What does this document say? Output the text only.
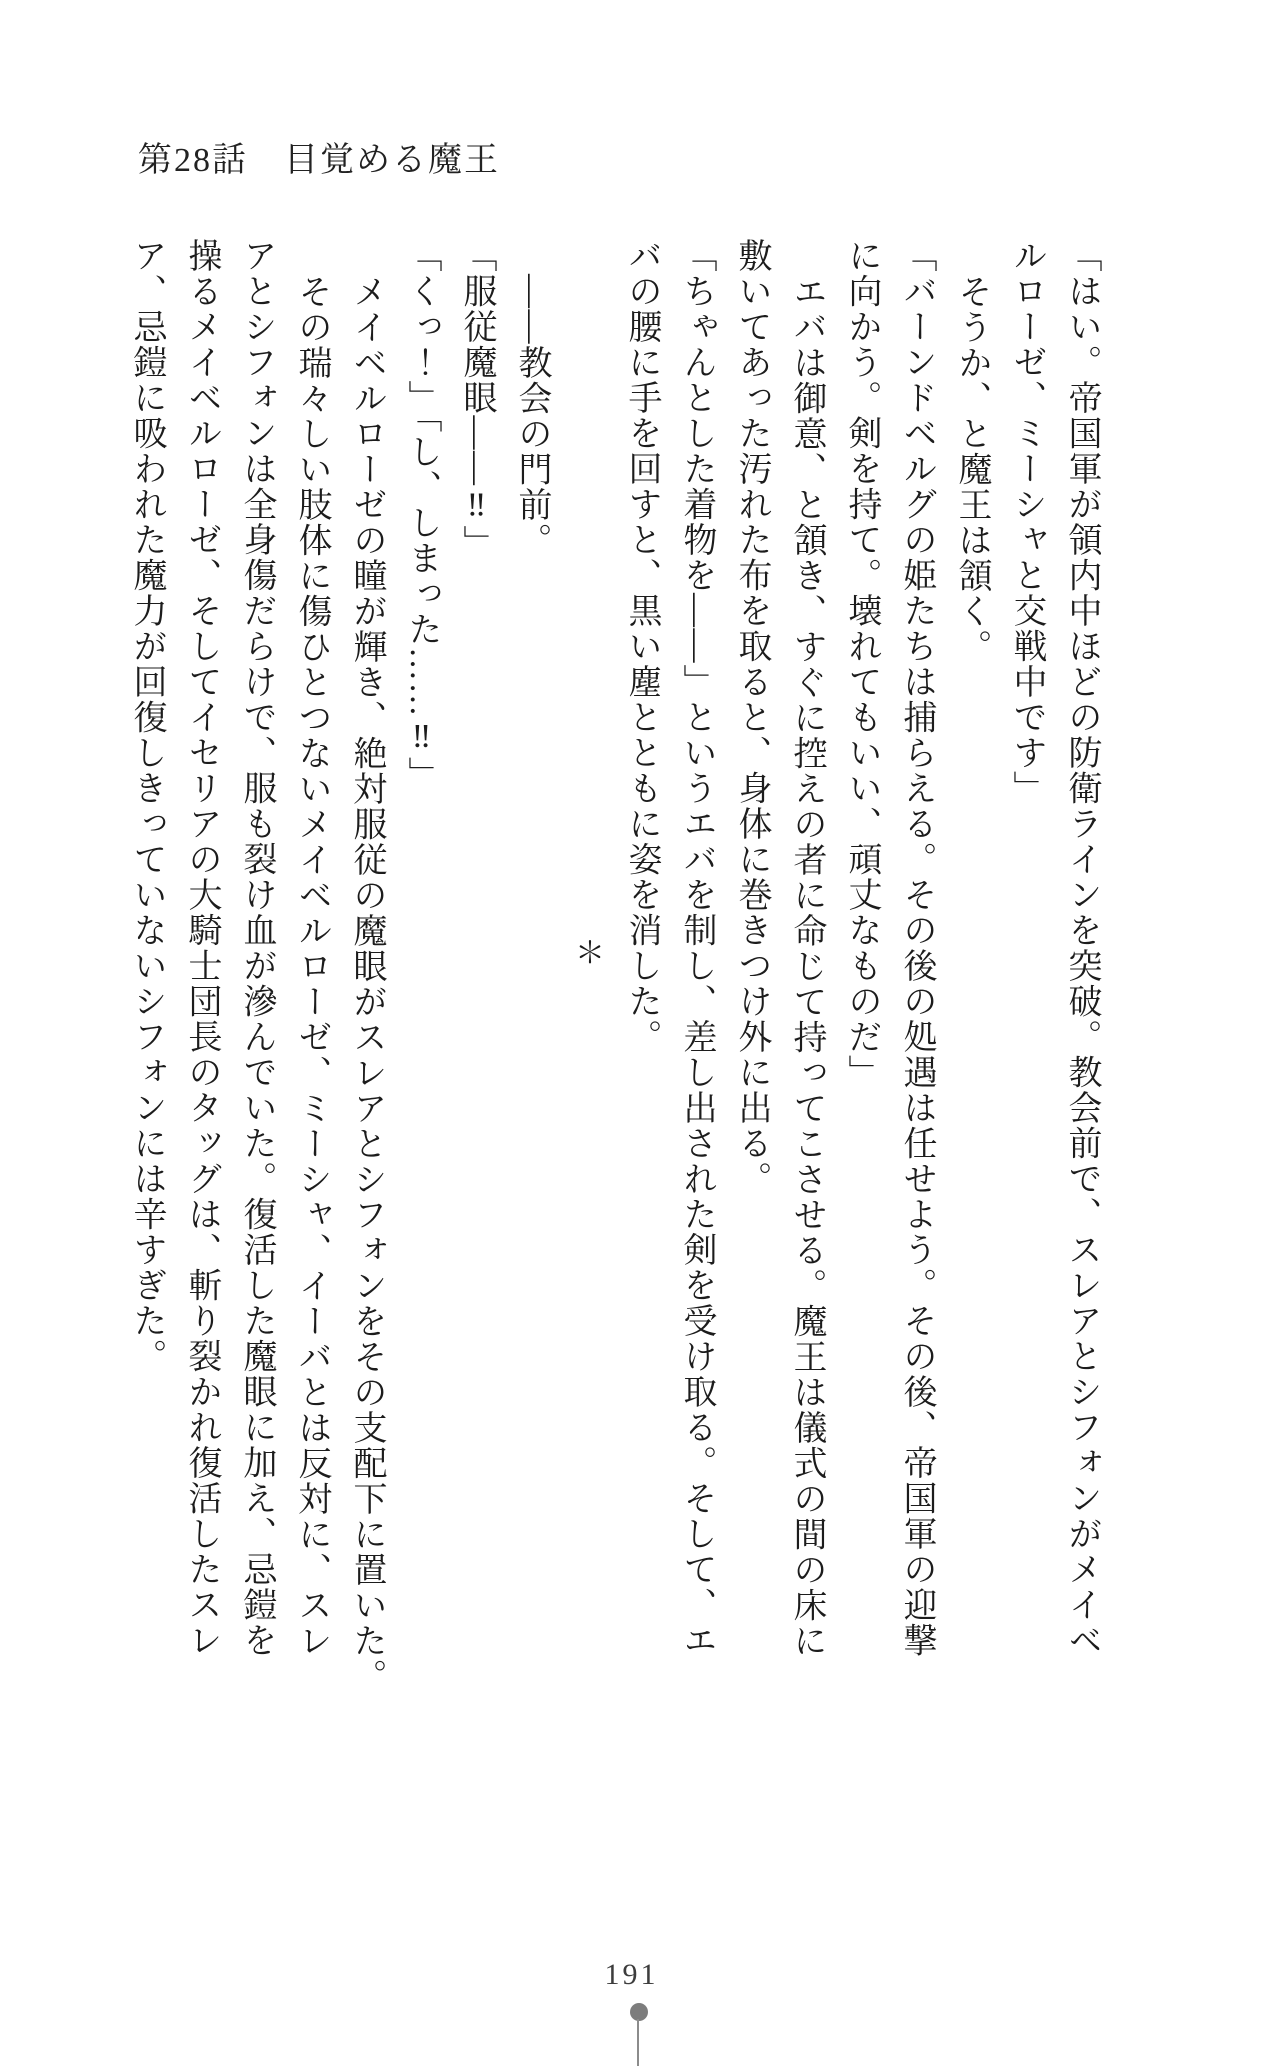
第28話　目覚める魔王

「はい。帝国軍が領内中ほどの防衛ラインを突破。教会前で、スレアとシフォンがメイベ

ルローゼ、ミーシャと交戦中です」

そうか、と魔王は頷く。

「バーンドベルグの姫たちは捕らえる。その後の処遇は任せよう。その後、帝国軍の迎撃

に向かう。剣を持て。壊れてもいい、頑丈なものだ」

エバは御意、と頷き、すぐに控えの者に命じて持ってこさせる。魔王は儀式の間の床に

敷いてあった汚れた布を取ると、身体に巻きつけ外に出る。

「ちゃんとした着物を――」というエバを制し、差し出された剣を受け取る。そして、エ

バの腰に手を回すと、黒い塵とともに姿を消した。

＊

――教会の門前。

「服従魔眼――‼」

「くっ！」「し、しまった……‼」

メイベルローゼの瞳が輝き、絶対服従の魔眼がスレアとシフォンをその支配下に置いた。

その瑞々しい肢体に傷ひとつないメイベルローゼ、ミーシャ、イーバとは反対に、スレ

アとシフォンは全身傷だらけで、服も裂け血が滲んでいた。復活した魔眼に加え、忌鎧を

操るメイベルローゼ、そしてイセリアの大騎士団長のタッグは、斬り裂かれ復活したスレ

ア、忌鎧に吸われた魔力が回復しきっていないシフォンには辛すぎた。

191
